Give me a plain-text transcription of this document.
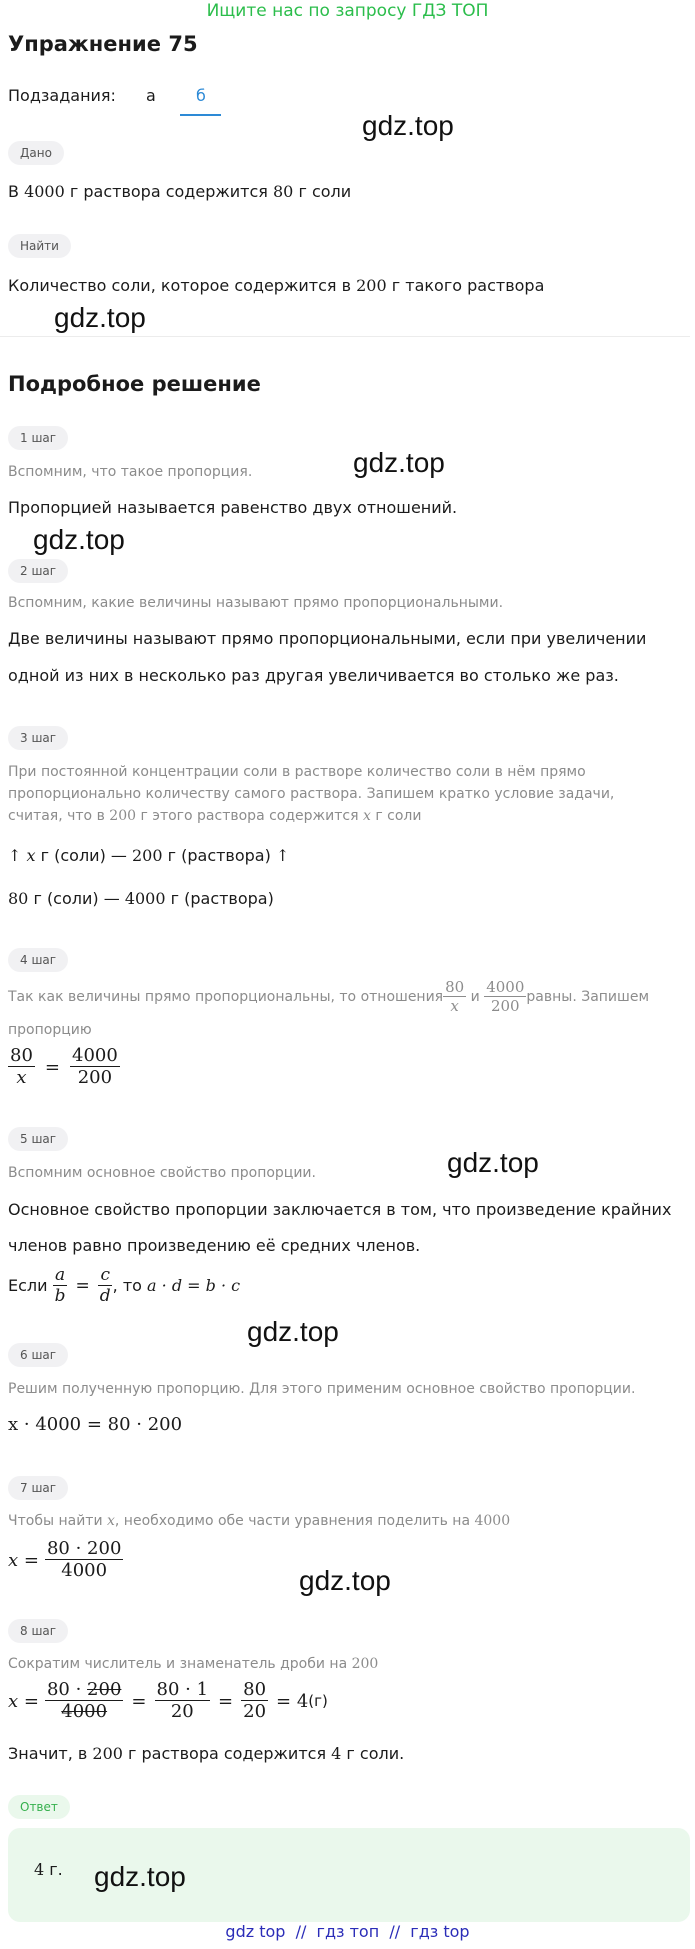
Ищите нас по запросу ГДЗ ТОП
Упражнение 75
Подзадания: а	б
gdz.top
Дано
В 4000 г раствора содержится 80 г соли
Найти
Количество соли, которое содержится в 200 г такого раствора
gdz.top
Подробное решение
1 шаг
gdz.top
Вспомним, что такое пропорция.
Пропорцией называется равенство двух отношений.
gdz.top
2 шаг
Вспомним, какие величины называют прямо пропорциональными.
Две величины называют прямо пропорциональными, если при увеличении
одной из них в несколько раз другая увеличивается во столько же раз.
3 шаг
При постоянной концентрации соли в растворе количество соли в нём прямо
пропорционально количеству самого раствора. Запишем кратко условие задачи,
считая, что в 200 г этого раствора содержится x г соли
↑ x г (соли) — 200 г (раствора) ↑
80 г (соли) — 4000 г (раствора)
4 шаг
Так как величины прямо пропорциональны, то отношения $\frac{80}{x}$ и $\frac{4000}{200}$ равны. Запишем
пропорцию
$\frac{80}{x} = \frac{4000}{200}$
5 шаг
gdz.top
Вспомним основное свойство пропорции.
Основное свойство пропорции заключается в том, что произведение крайних
членов равно произведению её средних членов.
Если $\frac{a}{b} = \frac{c}{d}$ , то a · d = b · c
gdz.top
6 шаг
Решим полученную пропорцию. Для этого применим основное свойство пропорции.
x · 4000 = 80 · 200
7 шаг
Чтобы найти x, необходимо обе части уравнения поделить на 4000
$x = \frac{80 \cdot 200}{4000}$	gdz.top
8 шаг
Сократим числитель и знаменатель дроби на 200
$x = \frac{80 \cdot 200}{4000} = \frac{80 \cdot 1}{20} = \frac{80}{20} = 4$ (г)
Значит, в 200 г раствора содержится 4 г соли.
Ответ
4 г. gdz.top
gdz top  //  гдз топ  //  гдз top
